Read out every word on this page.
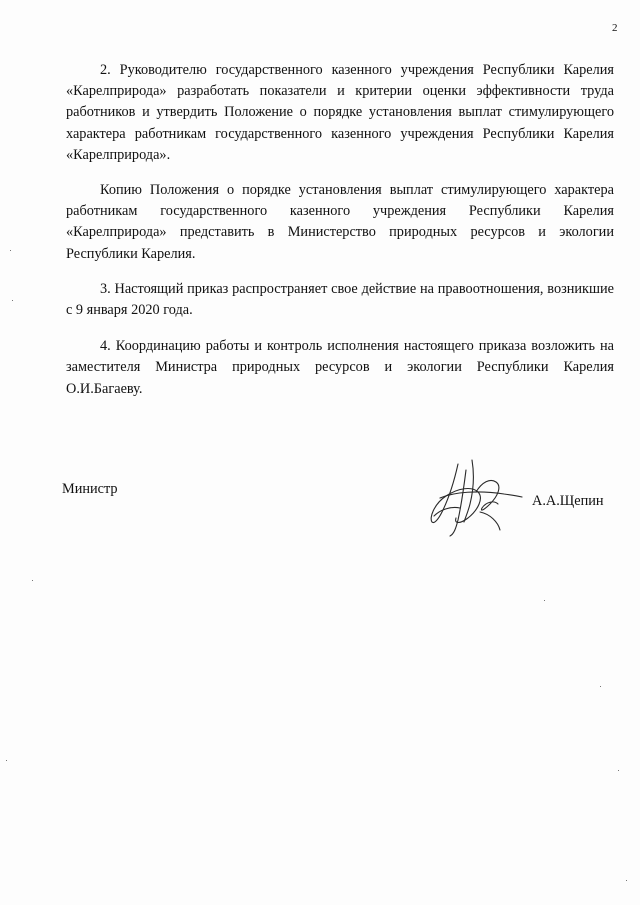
2

2. Руководителю государственного казенного учреждения Республики Карелия «Карелприрода» разработать показатели и критерии оценки эффективности труда работников и утвердить Положение о порядке установления выплат стимулирующего характера работникам государственного казенного учреждения Республики Карелия «Карелприрода».

Копию Положения о порядке установления выплат стимулирующего характера работникам государственного казенного учреждения Республики Карелия «Карелприрода» представить в Министерство природных ресурсов и экологии Республики Карелия.

3. Настоящий приказ распространяет свое действие на правоотношения, возникшие с 9 января 2020 года.

4. Координацию работы и контроль исполнения настоящего приказа возложить на заместителя Министра природных ресурсов и экологии Республики Карелия О.И.Багаеву.

Министр
А.А.Щепин
